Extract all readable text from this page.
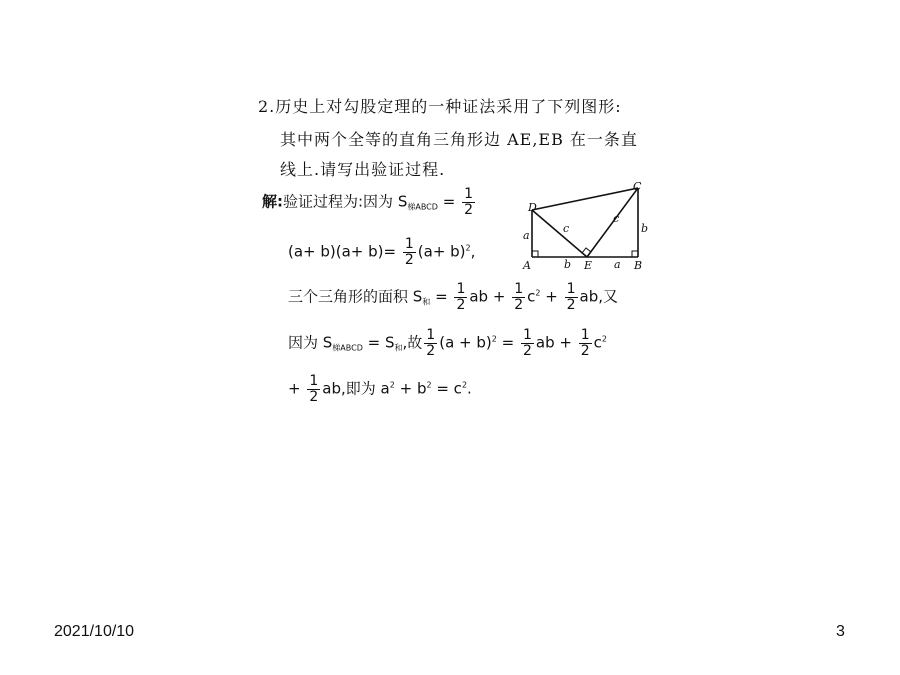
2.历史上对勾股定理的一种证法采用了下列图形:
其中两个全等的直角三角形边 AE,EB 在一条直
线上.请写出验证过程.
解:验证过程为:因为 $S_{梯ABCD} = \frac{1}{2}$
$(a+ b)(a+ b)= \frac{1}{2} (a+ b)^2$,
三个三角形的面积 $S_和 = \frac{1}{2}$ ab + $\frac{1}{2} c^2 + \frac{1}{2}$ ab,又
因为 $S_{梯ABCD} = S_和$,故 $\frac{1}{2} (a + b)^2 = \frac{1}{2}$ ab + $\frac{1}{2} c^2$
+ $\frac{1}{2}$ ab,即为 $a^2 + b^2 = c^2$.
A	B
C
D
E
a
b
c
c
b	a
2021/10/10	3
